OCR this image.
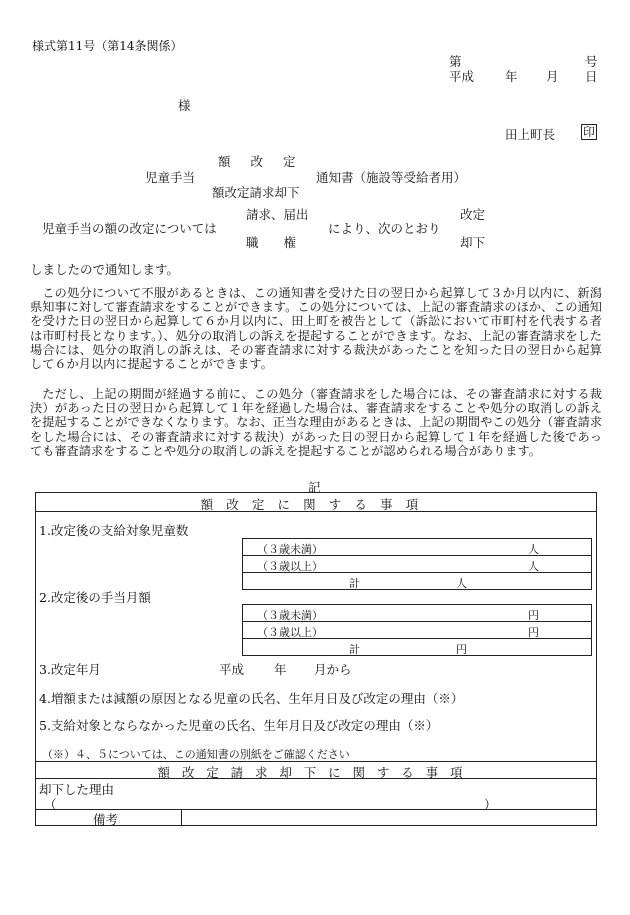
様式第11号（第14条関係）
第	号
平成 年 月 日
様
田上町長 印
額　改　定
児童手当	通知書（施設等受給者用）
額改定請求却下
請求、届出	改定
児童手当の額の改定については	により、次のとおり
職　　権	却下
しましたので通知します。
この処分について不服があるときは、この通知書を受けた日の翌日から起算して３か月以内に、新潟県知事に対して審査請求をすることができます。この処分については、上記の審査請求のほか、この通知を受けた日の翌日から起算して６か月以内に、田上町を被告として（訴訟において市町村を代表する者は市町村長となります。）、処分の取消しの訴えを提起することができます。なお、上記の審査請求をした場合には、処分の取消しの訴えは、その審査請求に対する裁決があったことを知った日の翌日から起算して６か月以内に提起することができます。
ただし、上記の期間が経過する前に、この処分（審査請求をした場合には、その審査請求に対する裁決）があった日の翌日から起算して１年を経過した場合は、審査請求をすることや処分の取消しの訴えを提起することができなくなります。なお、正当な理由があるときは、上記の期間やこの処分（審査請求をした場合には、その審査請求に対する裁決）があった日の翌日から起算して１年を経過した後であっても審査請求をすることや処分の取消しの訴えを提起することが認められる場合があります。
記
額改定に関する事項
1.改定後の支給対象児童数
（３歳未満）	人
（３歳以上）	人
計	人
2.改定後の手当月額
（３歳未満）	円
（３歳以上）	円
計	円
3.改定年月	平成 年 月から
4.増額または減額の原因となる児童の氏名、生年月日及び改定の理由（※）
5.支給対象とならなかった児童の氏名、生年月日及び改定の理由（※）
（※）４、５については、この通知書の別紙をご確認ください
額改定請求却下に関する事項
却下した理由
（	）
備考
